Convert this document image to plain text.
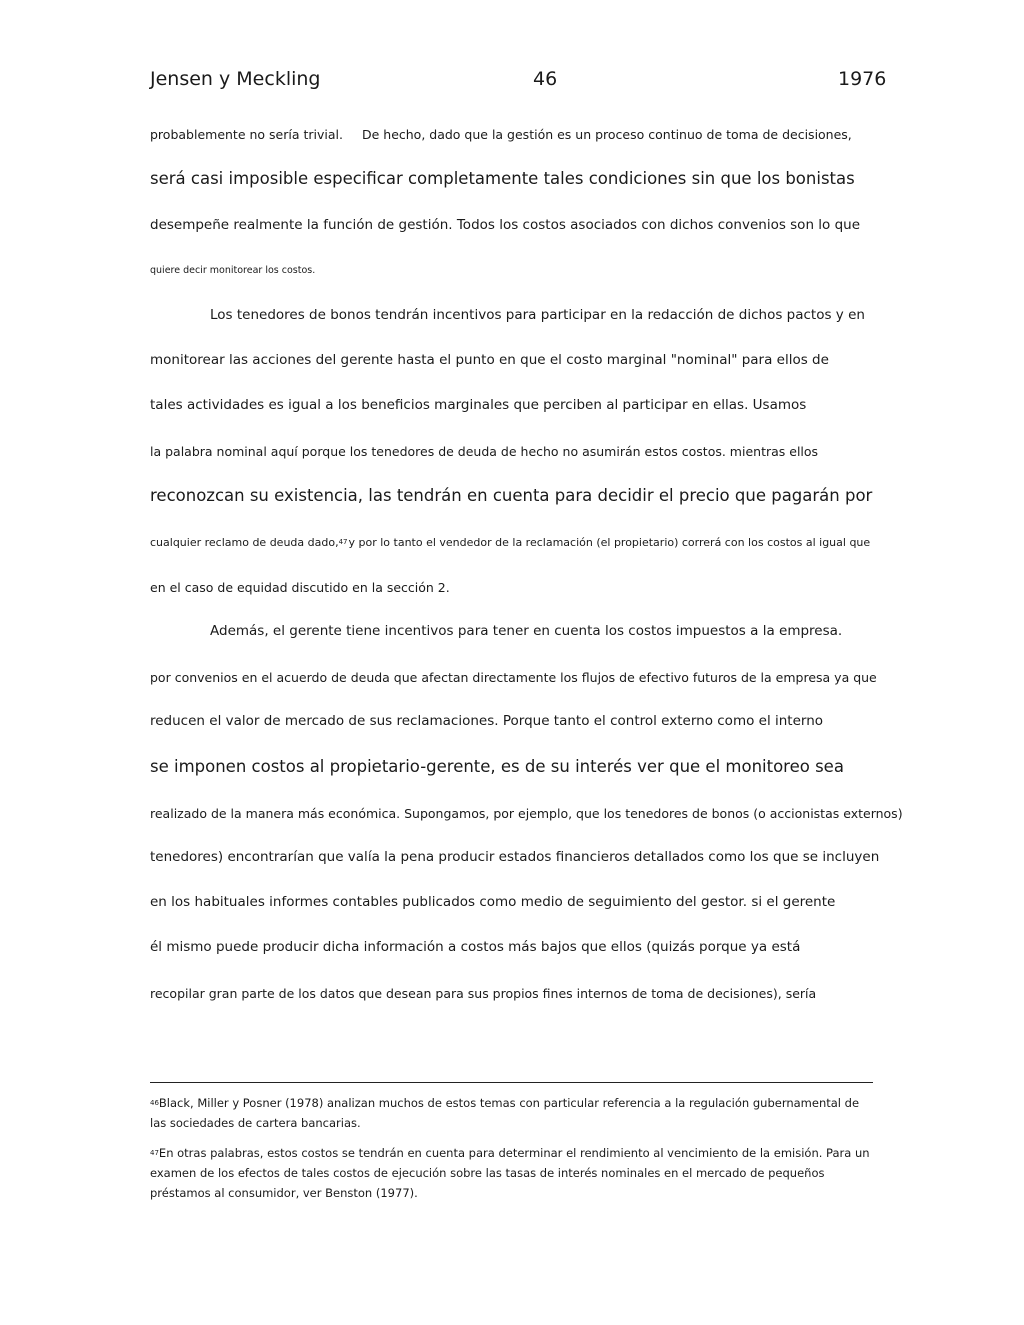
Jensen y Meckling	46	1976
probablemente no sería trivial. De hecho, dado que la gestión es un proceso continuo de toma de decisiones,
será casi imposible especificar completamente tales condiciones sin que los bonistas
desempeñe realmente la función de gestión. Todos los costos asociados con dichos convenios son lo que
quiere decir monitorear los costos.
Los tenedores de bonos tendrán incentivos para participar en la redacción de dichos pactos y en
monitorear las acciones del gerente hasta el punto en que el costo marginal "nominal" para ellos de
tales actividades es igual a los beneficios marginales que perciben al participar en ellas. Usamos
la palabra nominal aquí porque los tenedores de deuda de hecho no asumirán estos costos. mientras ellos
reconozcan su existencia, las tendrán en cuenta para decidir el precio que pagarán por
cualquier reclamo de deuda dado,$^{47}$y por lo tanto el vendedor de la reclamación (el propietario) correrá con los costos al igual que
en el caso de equidad discutido en la sección 2.
Además, el gerente tiene incentivos para tener en cuenta los costos impuestos a la empresa.
por convenios en el acuerdo de deuda que afectan directamente los flujos de efectivo futuros de la empresa ya que
reducen el valor de mercado de sus reclamaciones. Porque tanto el control externo como el interno
se imponen costos al propietario-gerente, es de su interés ver que el monitoreo sea
realizado de la manera más económica. Supongamos, por ejemplo, que los tenedores de bonos (o accionistas externos)
tenedores) encontrarían que valía la pena producir estados financieros detallados como los que se incluyen
en los habituales informes contables publicados como medio de seguimiento del gestor. si el gerente
él mismo puede producir dicha información a costos más bajos que ellos (quizás porque ya está
recopilar gran parte de los datos que desean para sus propios fines internos de toma de decisiones), sería
$^{46}$Black, Miller y Posner (1978) analizan muchos de estos temas con particular referencia a la regulación gubernamental de las sociedades de cartera bancarias.
$^{47}$En otras palabras, estos costos se tendrán en cuenta para determinar el rendimiento al vencimiento de la emisión. Para un examen de los efectos de tales costos de ejecución sobre las tasas de interés nominales en el mercado de pequeños préstamos al consumidor, ver Benston (1977).
